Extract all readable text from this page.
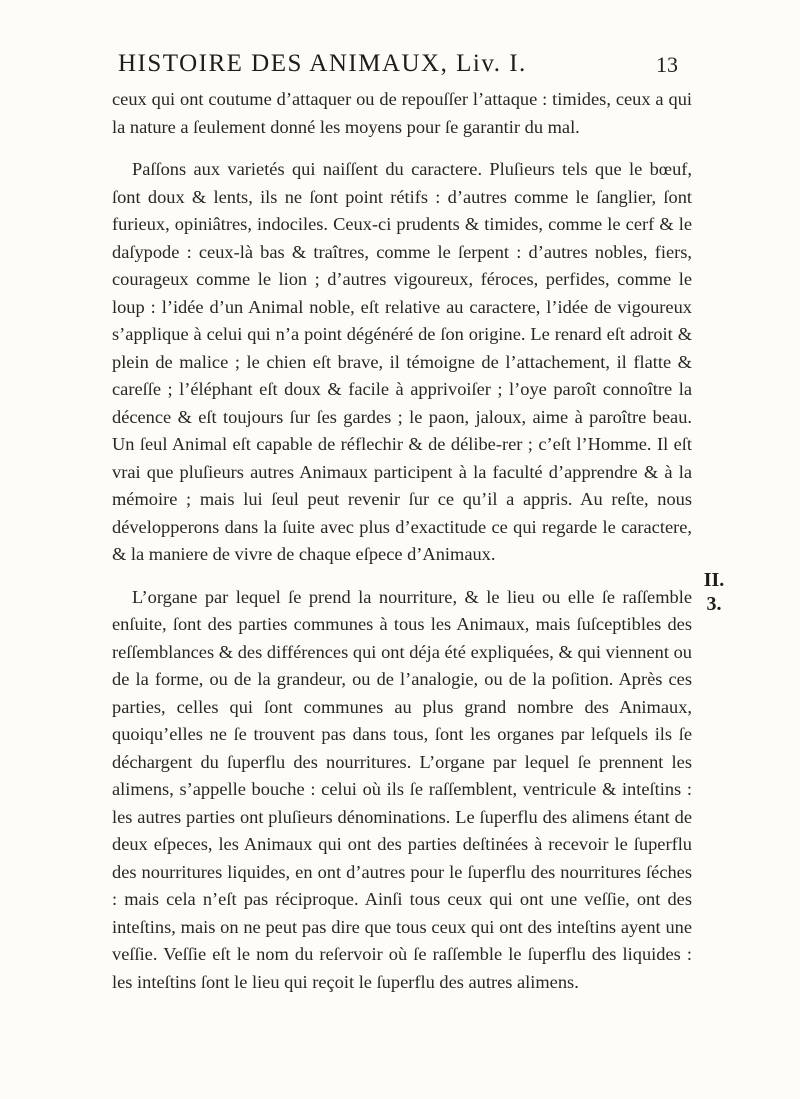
HISTOIRE DES ANIMAUX, Liv. I.	13

ceux qui ont coutume d’attaquer ou de repouſſer l’attaque : timides, ceux a qui la nature a ſeulement donné les moyens pour ſe garantir du mal.

Paſſons aux varietés qui naiſſent du caractere. Pluſieurs tels que le bœuf, ſont doux & lents, ils ne ſont point rétifs : d’autres comme le ſanglier, ſont furieux, opiniâtres, indociles. Ceux-ci prudents & timides, comme le cerf & le daſypode : ceux-là bas & traîtres, comme le ſerpent : d’autres nobles, fiers, courageux comme le lion ; d’autres vigoureux, féroces, perfides, comme le loup : l’idée d’un Animal noble, eſt relative au caractere, l’idée de vigoureux s’applique à celui qui n’a point dégénéré de ſon origine. Le renard eſt adroit & plein de malice ; le chien eſt brave, il témoigne de l’attachement, il flatte & careſſe ; l’éléphant eſt doux & facile à apprivoiſer ; l’oye paroît connoître la décence & eſt toujours ſur ſes gardes ; le paon, jaloux, aime à paroître beau. Un ſeul Animal eſt capable de réflechir & de délibe-rer ; c’eſt l’Homme. Il eſt vrai que pluſieurs autres Animaux participent à la faculté d’apprendre & à la mémoire ; mais lui ſeul peut revenir ſur ce qu’il a appris. Au reſte, nous développerons dans la ſuite avec plus d’exactitude ce qui regarde le caractere, & la maniere de vivre de chaque eſpece d’Animaux.

L’organe par lequel ſe prend la nourriture, & le lieu ou elle ſe raſſemble enſuite, ſont des parties communes à tous les Animaux, mais ſuſceptibles des reſſemblances & des différences qui ont déja été expliquées, & qui viennent ou de la forme, ou de la grandeur, ou de l’analogie, ou de la poſition. Après ces parties, celles qui ſont communes au plus grand nombre des Animaux, quoiqu’elles ne ſe trouvent pas dans tous, ſont les organes par leſquels ils ſe déchargent du ſuperflu des nourritures. L’organe par lequel ſe prennent les alimens, s’appelle bouche : celui où ils ſe raſſemblent, ventricule & inteſtins : les autres parties ont pluſieurs dénominations. Le ſuperflu des alimens étant de deux eſpeces, les Animaux qui ont des parties deſtinées à recevoir le ſuperflu des nourritures liquides, en ont d’autres pour le ſuperflu des nourritures ſéches : mais cela n’eſt pas réciproque. Ainſi tous ceux qui ont une veſſie, ont des inteſtins, mais on ne peut pas dire que tous ceux qui ont des inteſtins ayent une veſſie. Veſſie eſt le nom du reſervoir où ſe raſſemble le ſuperflu des liquides : les inteſtins ſont le lieu qui reçoit le ſuperflu des autres alimens.

II.
3.
